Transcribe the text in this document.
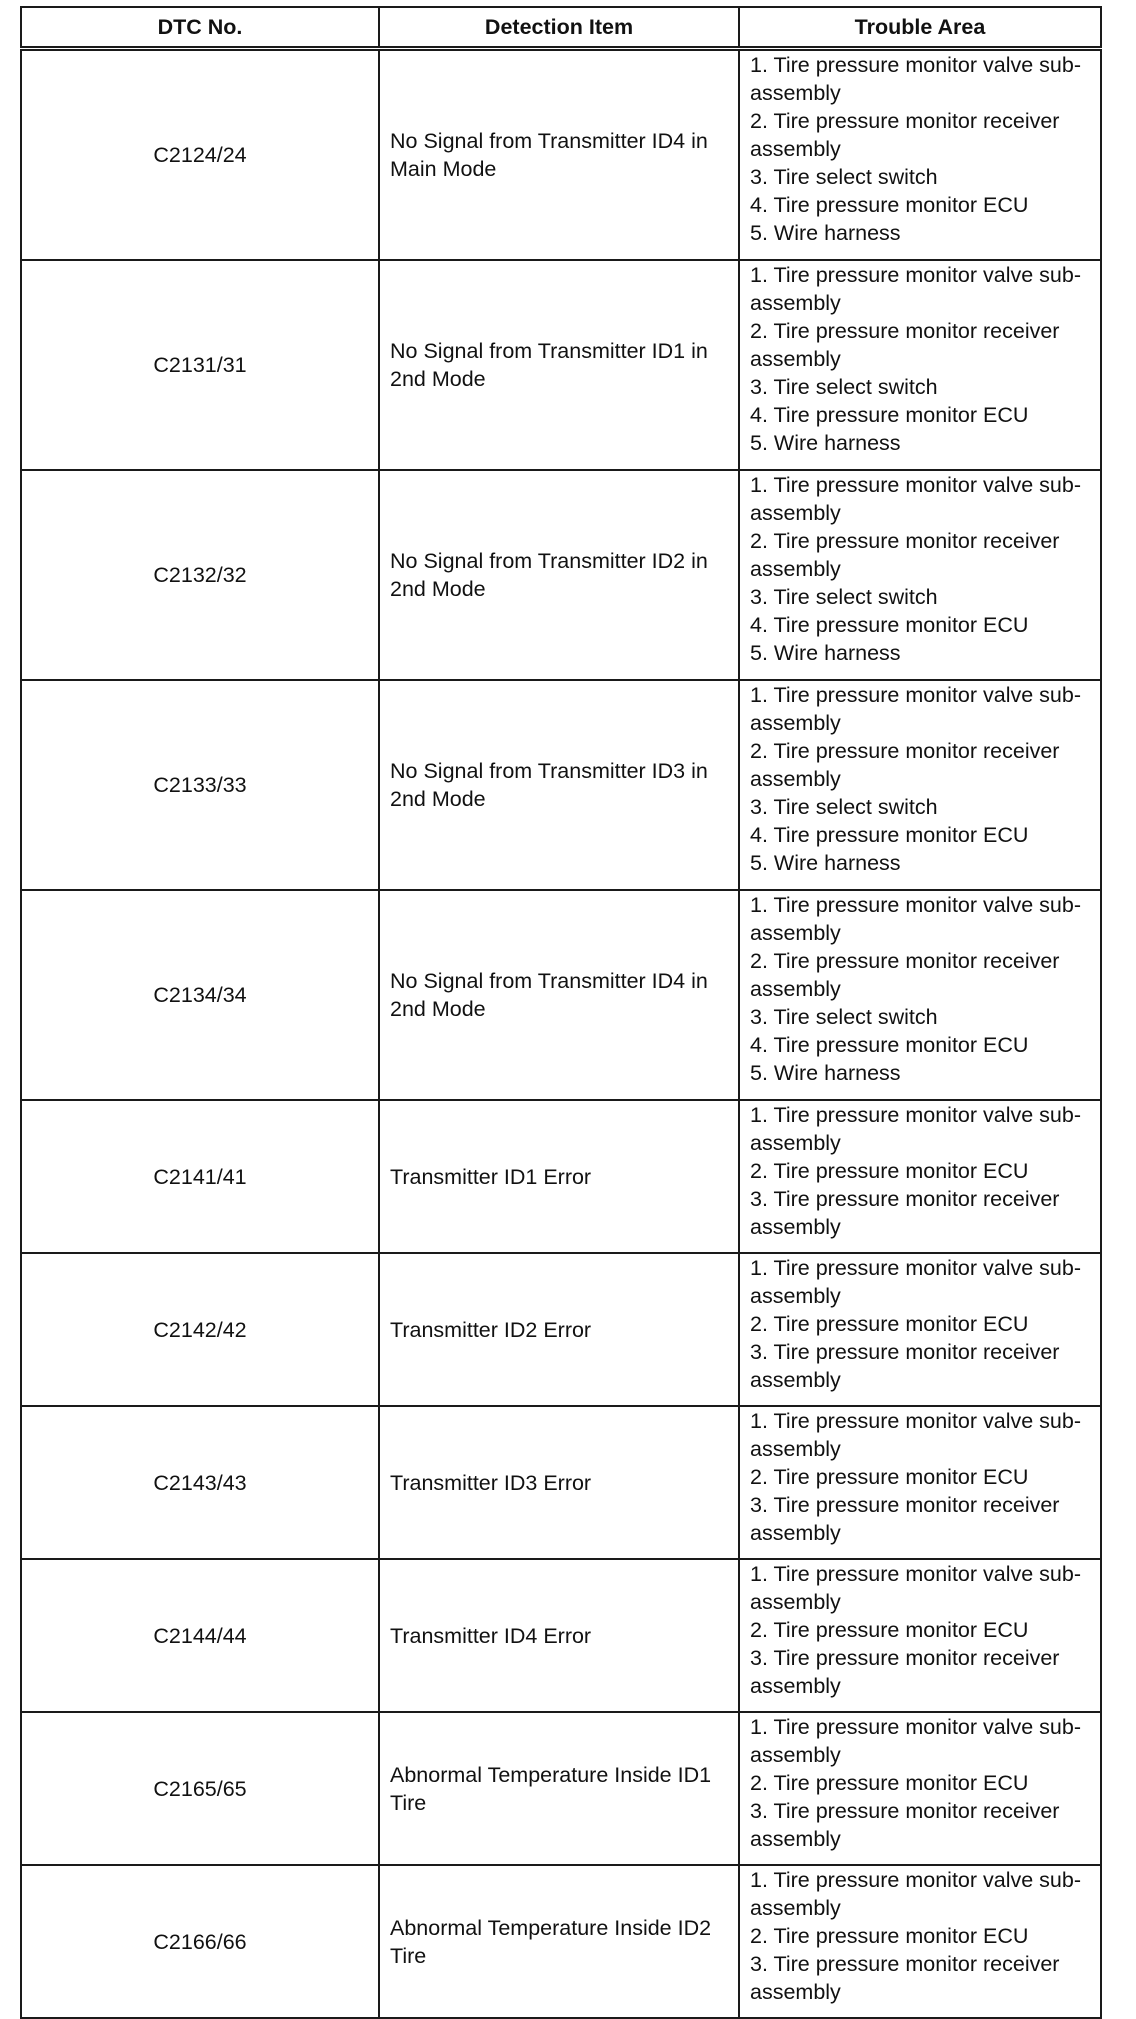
DTC No.	Detection Item	Trouble Area
C2124/24	No Signal from Transmitter ID4 in Main Mode	1. Tire pressure monitor valve sub-assembly
2. Tire pressure monitor receiver assembly
3. Tire select switch
4. Tire pressure monitor ECU
5. Wire harness

C2131/31	No Signal from Transmitter ID1 in 2nd Mode	1. Tire pressure monitor valve sub-assembly
2. Tire pressure monitor receiver assembly
3. Tire select switch
4. Tire pressure monitor ECU
5. Wire harness

C2132/32	No Signal from Transmitter ID2 in 2nd Mode	1. Tire pressure monitor valve sub-assembly
2. Tire pressure monitor receiver assembly
3. Tire select switch
4. Tire pressure monitor ECU
5. Wire harness

C2133/33	No Signal from Transmitter ID3 in 2nd Mode	1. Tire pressure monitor valve sub-assembly
2. Tire pressure monitor receiver assembly
3. Tire select switch
4. Tire pressure monitor ECU
5. Wire harness

C2134/34	No Signal from Transmitter ID4 in 2nd Mode	1. Tire pressure monitor valve sub-assembly
2. Tire pressure monitor receiver assembly
3. Tire select switch
4. Tire pressure monitor ECU
5. Wire harness

C2141/41	Transmitter ID1 Error	1. Tire pressure monitor valve sub-assembly
2. Tire pressure monitor ECU
3. Tire pressure monitor receiver assembly

C2142/42	Transmitter ID2 Error	1. Tire pressure monitor valve sub-assembly
2. Tire pressure monitor ECU
3. Tire pressure monitor receiver assembly

C2143/43	Transmitter ID3 Error	1. Tire pressure monitor valve sub-assembly
2. Tire pressure monitor ECU
3. Tire pressure monitor receiver assembly

C2144/44	Transmitter ID4 Error	1. Tire pressure monitor valve sub-assembly
2. Tire pressure monitor ECU
3. Tire pressure monitor receiver assembly

C2165/65	Abnormal Temperature Inside ID1 Tire	1. Tire pressure monitor valve sub-assembly
2. Tire pressure monitor ECU
3. Tire pressure monitor receiver assembly

C2166/66	Abnormal Temperature Inside ID2 Tire	1. Tire pressure monitor valve sub-assembly
2. Tire pressure monitor ECU
3. Tire pressure monitor receiver assembly
